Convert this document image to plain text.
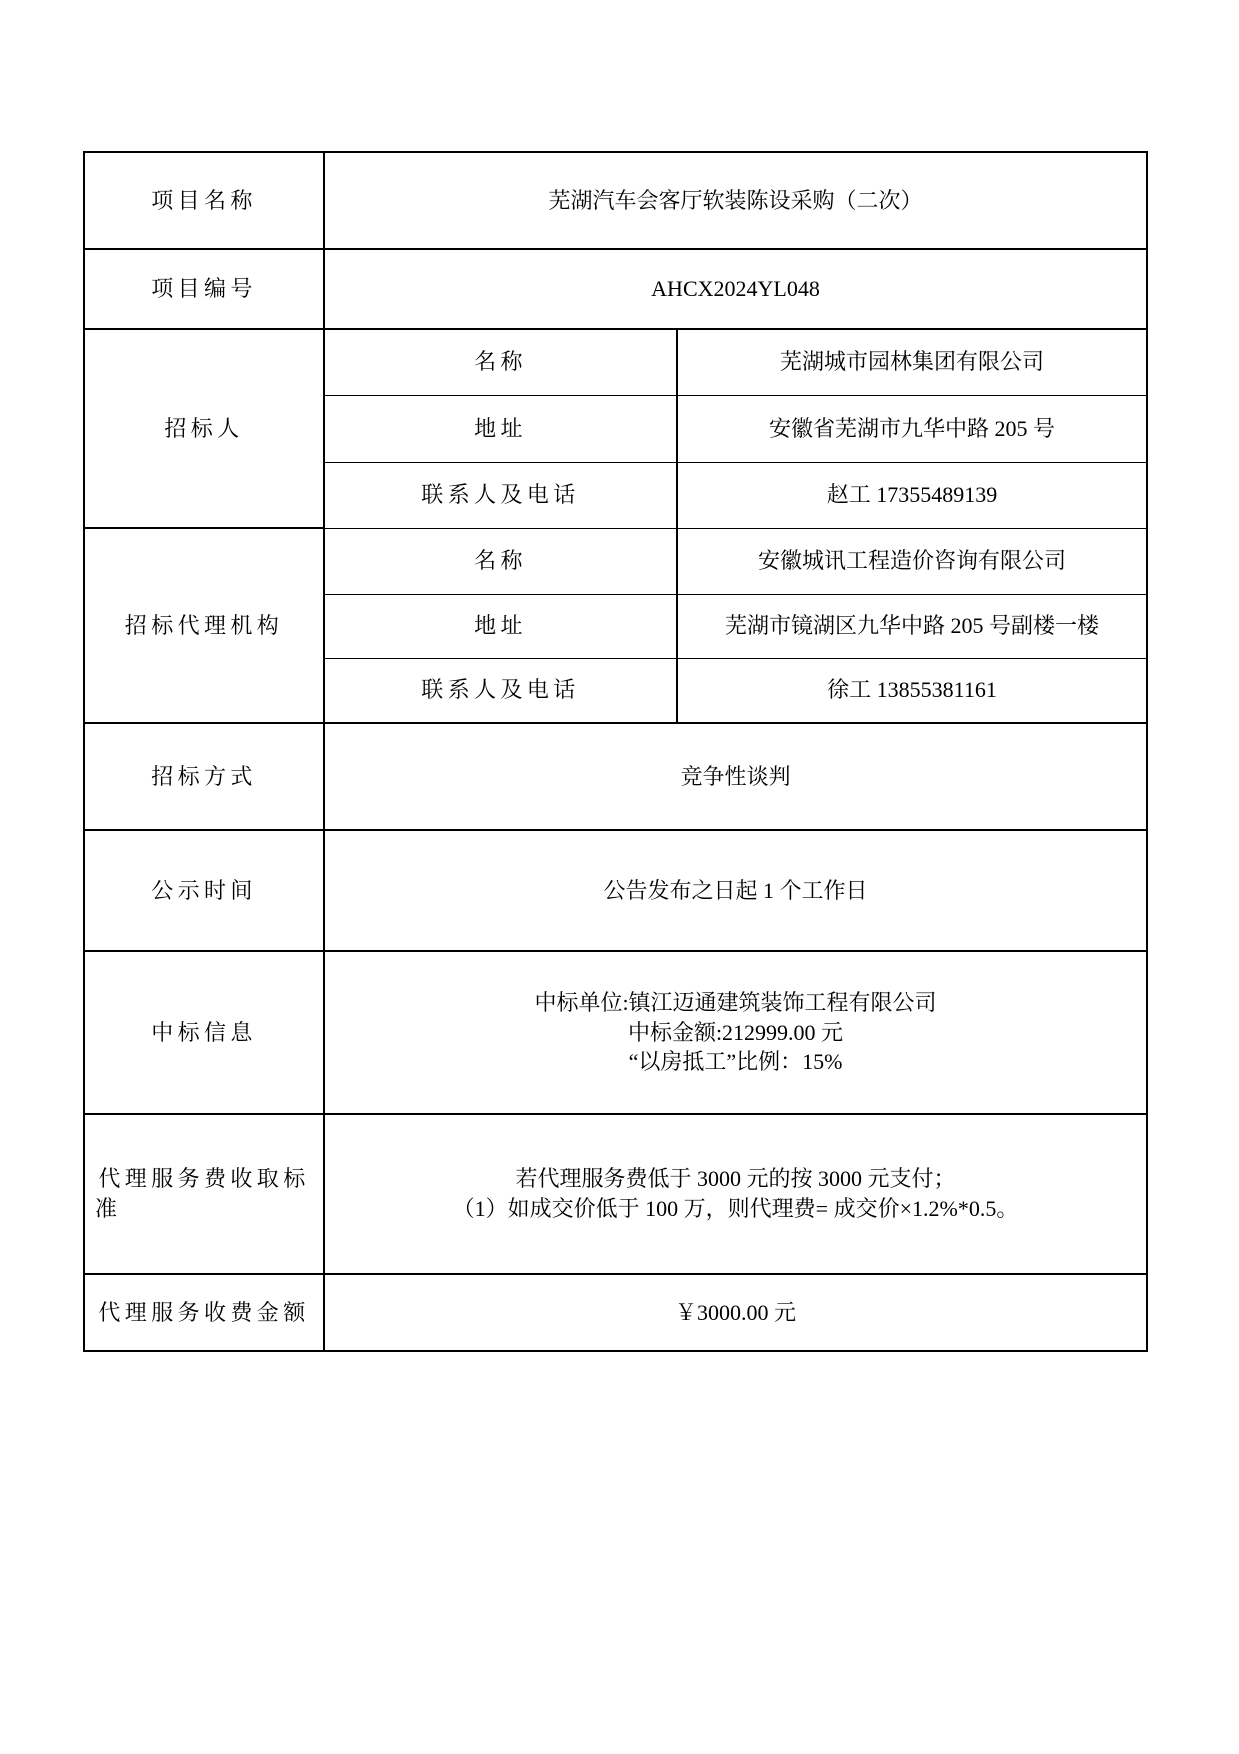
项目名称	芜湖汽车会客厅软装陈设采购（二次）	
项目编号	AHCX2024YL048	
招标人	名称	芜湖城市园林集团有限公司
	地址	安徽省芜湖市九华中路 205 号
	联系人及电话	赵工 17355489139
招标代理机构	名称	安徽城讯工程造价咨询有限公司
	地址	芜湖市镜湖区九华中路 205 号副楼一楼
	联系人及电话	徐工 13855381161
招标方式	竞争性谈判	
公示时间	公告发布之日起 1 个工作日	
中标信息	中标单位:镇江迈通建筑装饰工程有限公司
中标金额:212999.00 元
“以房抵工”比例：15%	

代理服务费收取标准	若代理服务费低于 3000 元的按 3000 元支付；
（1）如成交价低于 100 万，则代理费= 成交价×1.2%*0.5。	

代理服务收费金额	￥3000.00 元	
